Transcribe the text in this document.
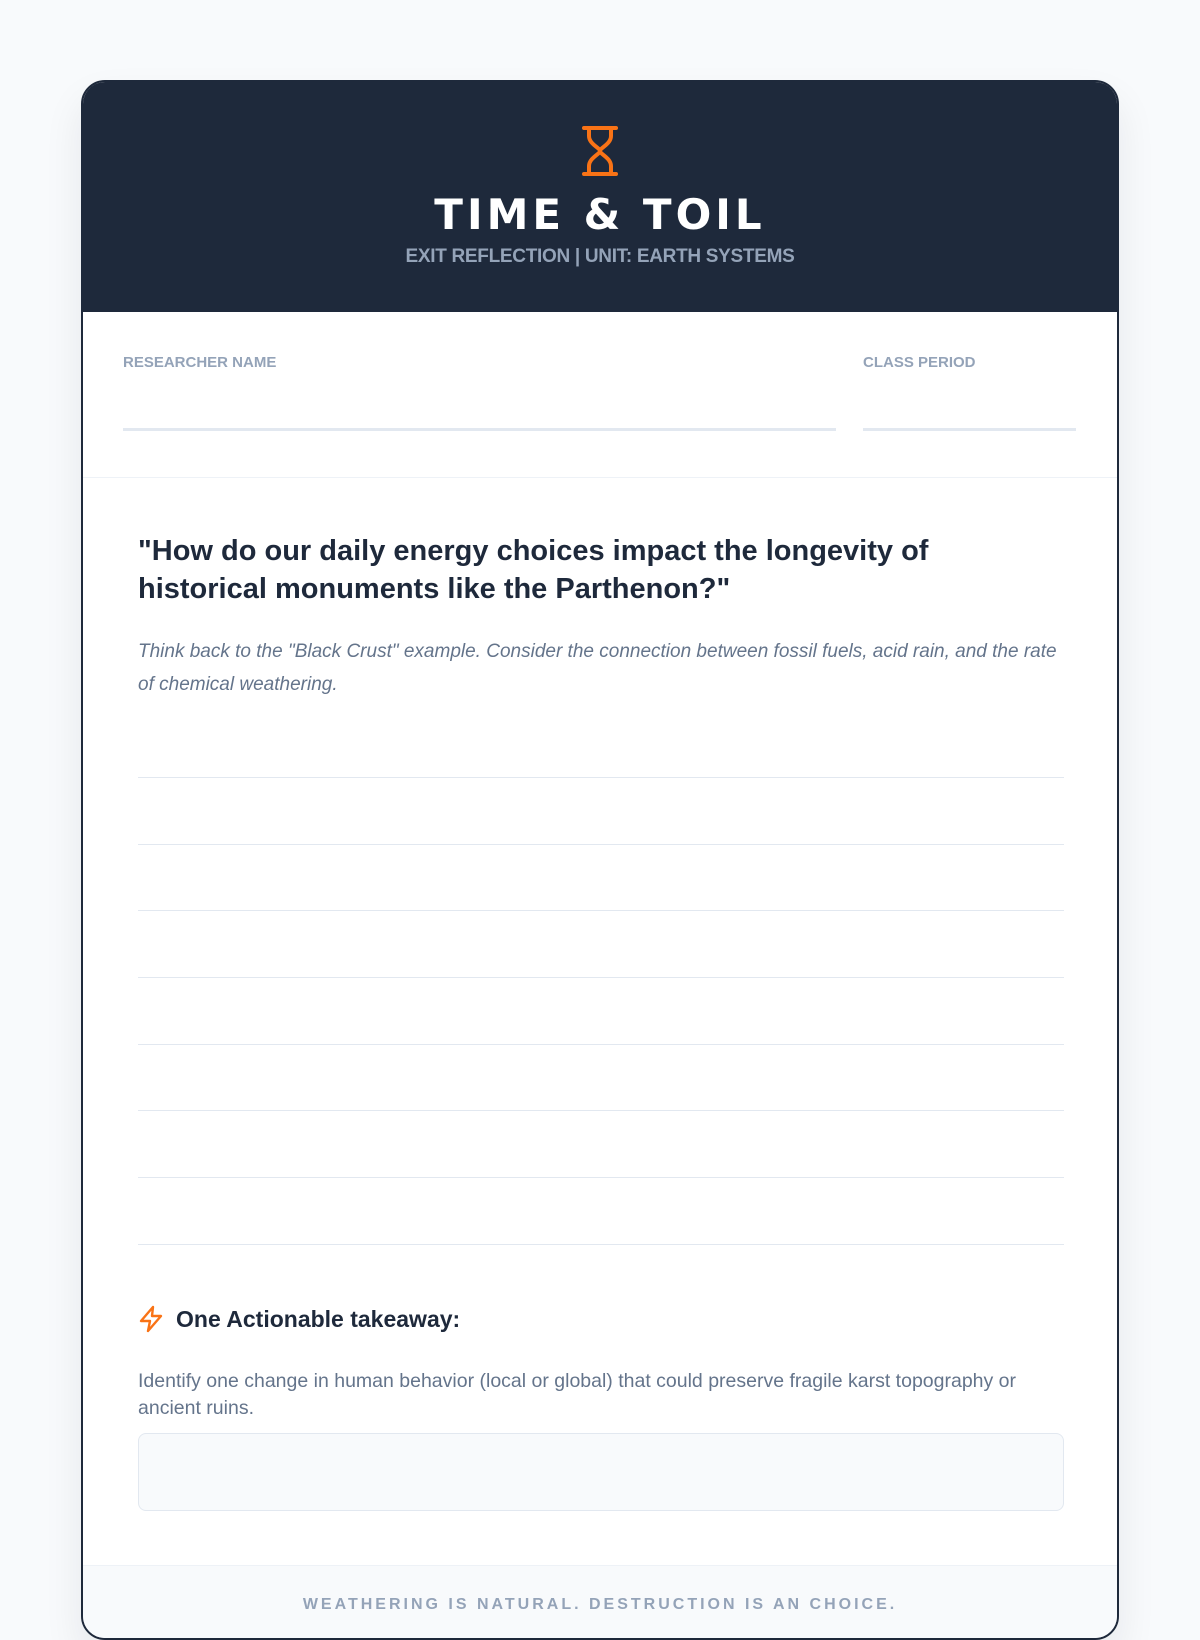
TIME & TOIL
EXIT REFLECTION | UNIT: EARTH SYSTEMS
RESEARCHER NAME	CLASS PERIOD
"How do our daily energy choices impact the longevity of historical monuments like the Parthenon?"
Think back to the "Black Crust" example. Consider the connection between fossil fuels, acid rain, and the rate of chemical weathering.
One Actionable takeaway:
Identify one change in human behavior (local or global) that could preserve fragile karst topography or ancient ruins.
WEATHERING IS NATURAL. DESTRUCTION IS AN CHOICE.
